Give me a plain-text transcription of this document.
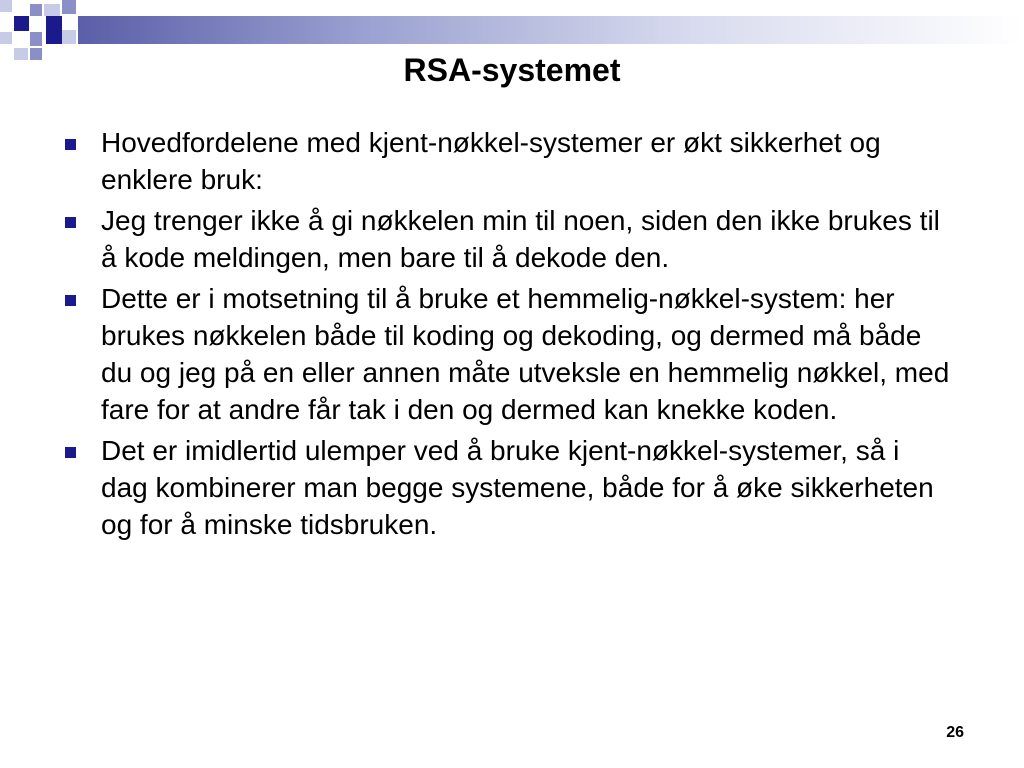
RSA-systemet
Hovedfordelene med kjent-nøkkel-systemer er økt sikkerhet og enklere bruk:
Jeg trenger ikke å gi nøkkelen min til noen, siden den ikke brukes til å kode meldingen, men bare til å dekode den.
Dette er i motsetning til å bruke et hemmelig-nøkkel-system: her brukes nøkkelen både til koding og dekoding, og dermed må både du og jeg på en eller annen måte utveksle en hemmelig nøkkel, med fare for at andre får tak i den og dermed kan knekke koden.
Det er imidlertid ulemper ved å bruke kjent-nøkkel-systemer, så i dag kombinerer man begge systemene, både for å øke sikkerheten og for å minske tidsbruken.
26
